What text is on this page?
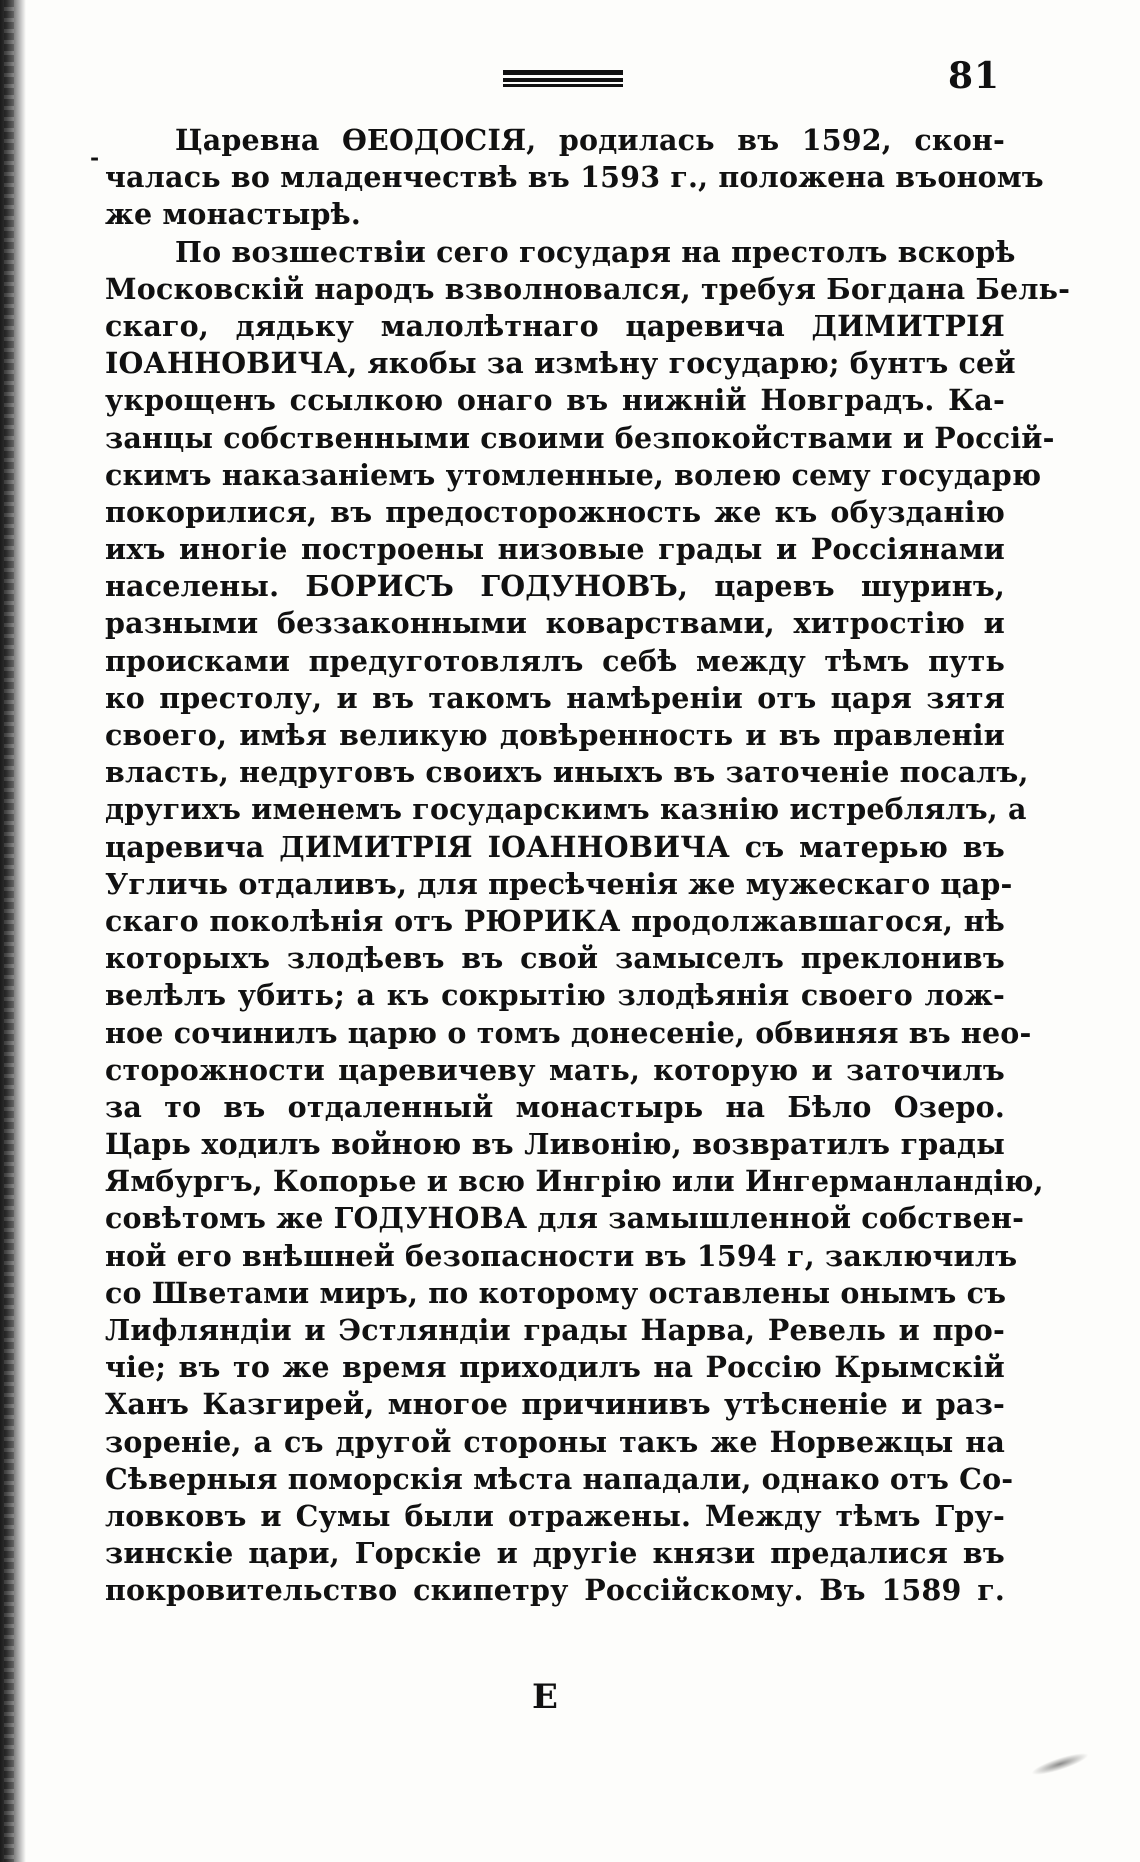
81
-
Царевна ѲЕОДОСІЯ, родилась въ 1592, скон-
чалась во младенчествѣ въ 1593 г., положена въономъ
же монастырѣ.
По возшествіи сего государя на престолъ вскорѣ
Московскій народъ взволновался, требуя Богдана Бель-
скаго, дядьку малолѣтнаго царевича ДИМИТРІЯ
ІОАННОВИЧА, якобы за измѣну государю; бунтъ сей
укрощенъ ссылкою онаго въ нижній Новградъ. Ка-
занцы собственными своими безпокойствами и Россій-
скимъ наказаніемъ утомленные, волею сему государю
покорилися, въ предосторожность же къ обузданію
ихъ иногіе построены низовые грады и Россіянами
населены. БОРИСЪ ГОДУНОВЪ, царевъ шуринъ,
разными беззаконными коварствами, хитростію и
происками предуготовлялъ себѣ между тѣмъ путь
ко престолу, и въ такомъ намѣреніи отъ царя зятя
своего, имѣя великую довѣренность и въ правленіи
власть, недруговъ своихъ иныхъ въ заточеніе посалъ,
другихъ именемъ государскимъ казнію истреблялъ, а
царевича ДИМИТРІЯ ІОАННОВИЧА съ матерью въ
Угличь отдаливъ, для пресѣченія же мужескаго цар-
скаго поколѣнія отъ РЮРИКА продолжавшагося, нѣ
которыхъ злодѣевъ въ свой замыселъ преклонивъ
велѣлъ убить; а къ сокрытію злодѣянія своего лож-
ное сочинилъ царю о томъ донесеніе, обвиняя въ нео-
сторожности царевичеву мать, которую и заточилъ
за то въ отдаленный монастырь на Бѣло Озеро.
Царь ходилъ войною въ Ливонію, возвратилъ грады
Ямбургъ, Копорье и всю Ингрію или Ингерманландію,
совѣтомъ же ГОДУНОВА для замышленной собствен-
ной его внѣшней безопасности въ 1594 г, заключилъ
со Шветами миръ, по которому оставлены онымъ съ
Лифляндіи и Эстляндіи грады Нарва, Ревель и про-
чіе; въ то же время приходилъ на Россію Крымскій
Ханъ Казгирей, многое причинивъ утѣсненіе и раз-
зореніе, а съ другой стороны такъ же Норвежцы на
Сѣверныя поморскія мѣста нападали, однако отъ Со-
ловковъ и Сумы были отражены. Между тѣмъ Гру-
зинскіе цари, Горскіе и другіе князи предалися въ
покровительство скипетру Россійскому. Въ 1589 г.
Е
